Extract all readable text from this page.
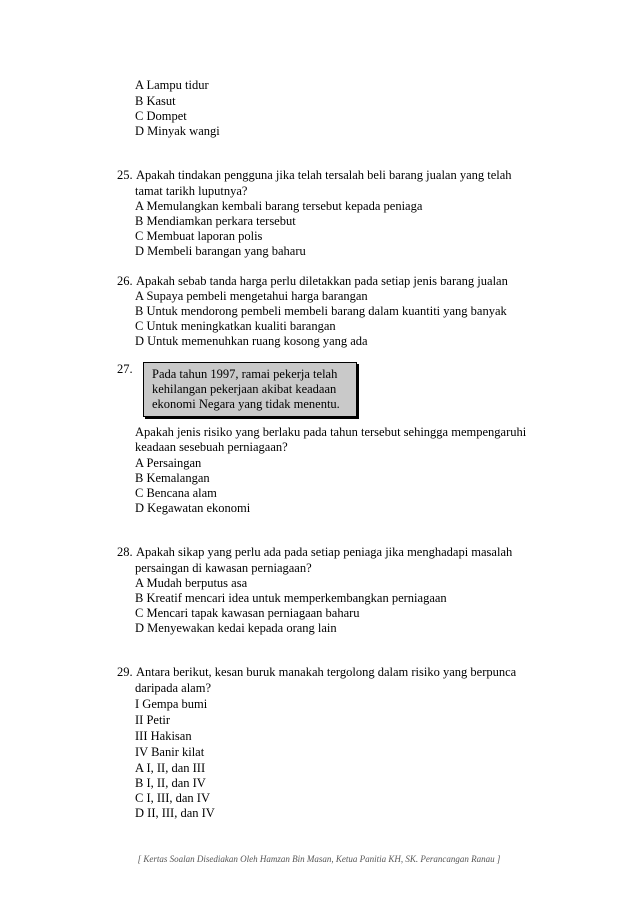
A Lampu tidur
B Kasut
C Dompet
D Minyak wangi
25. Apakah tindakan pengguna jika telah tersalah beli barang jualan yang telah
tamat tarikh luputnya?
A Memulangkan kembali barang tersebut kepada peniaga
B Mendiamkan perkara tersebut
C Membuat laporan polis
D Membeli barangan yang baharu
26. Apakah sebab tanda harga perlu diletakkan pada setiap jenis barang jualan
A Supaya pembeli mengetahui harga barangan
B Untuk mendorong pembeli membeli barang dalam kuantiti yang banyak
C Untuk meningkatkan kualiti barangan
D Untuk memenuhkan ruang kosong yang ada
27. Pada tahun 1997, ramai pekerja telah
kehilangan pekerjaan akibat keadaan
ekonomi Negara yang tidak menentu.
Apakah jenis risiko yang berlaku pada tahun tersebut sehingga mempengaruhi
keadaan sesebuah perniagaan?
A Persaingan
B Kemalangan
C Bencana alam
D Kegawatan ekonomi
28. Apakah sikap yang perlu ada pada setiap peniaga jika menghadapi masalah
persaingan di kawasan perniagaan?
A Mudah berputus asa
B Kreatif mencari idea untuk memperkembangkan perniagaan
C Mencari tapak kawasan perniagaan baharu
D Menyewakan kedai kepada orang lain
29. Antara berikut, kesan buruk manakah tergolong dalam risiko yang berpunca
daripada alam?
I Gempa bumi
II Petir
III Hakisan
IV Banir kilat
A I, II, dan III
B I, II, dan IV
C I, III, dan IV
D II, III, dan IV
[ Kertas Soalan Disediakan Oleh Hamzan Bin Masan, Ketua Panitia KH, SK. Perancangan Ranau ]
